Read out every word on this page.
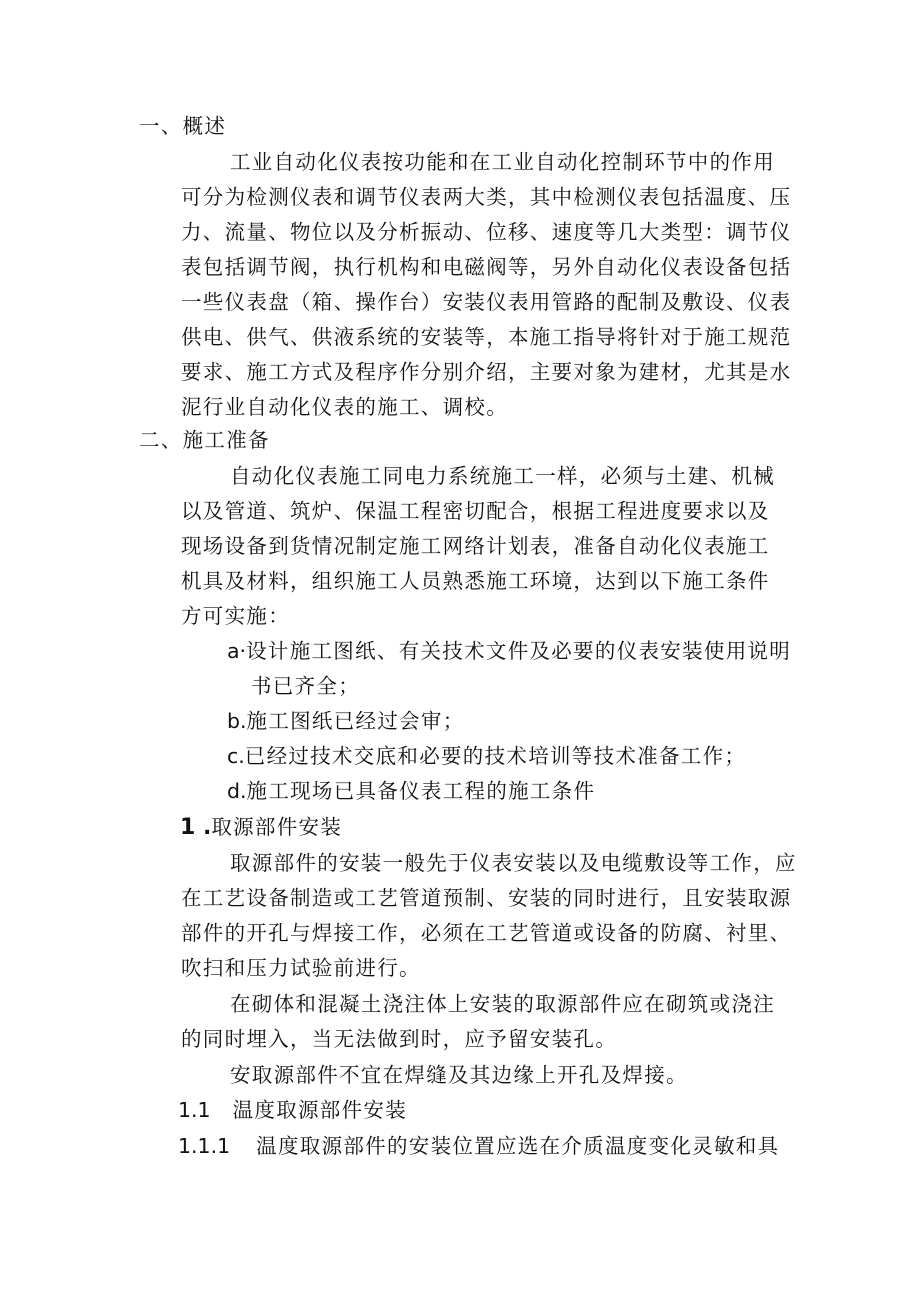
一、概述
工业自动化仪表按功能和在工业自动化控制环节中的作用
可分为检测仪表和调节仪表两大类，其中检测仪表包括温度、压
力、流量、物位以及分析振动、位移、速度等几大类型：调节仪
表包括调节阀，执行机构和电磁阀等，另外自动化仪表设备包括
一些仪表盘（箱、操作台）安装仪表用管路的配制及敷设、仪表
供电、供气、供液系统的安装等，本施工指导将针对于施工规范
要求、施工方式及程序作分别介绍，主要对象为建材，尤其是水
泥行业自动化仪表的施工、调校。
二、施工准备
自动化仪表施工同电力系统施工一样，必须与土建、机械
以及管道、筑炉、保温工程密切配合，根据工程进度要求以及
现场设备到货情况制定施工网络计划表，准备自动化仪表施工
机具及材料，组织施工人员熟悉施工环境，达到以下施工条件
方可实施：
a·设计施工图纸、有关技术文件及必要的仪表安装使用说明
书已齐全；
b.施工图纸已经过会审；
c.已经过技术交底和必要的技术培训等技术准备工作；
d.施工现场已具备仪表工程的施工条件
1 .取源部件安装
取源部件的安装一般先于仪表安装以及电缆敷设等工作，应
在工艺设备制造或工艺管道预制、安装的同时进行，且安装取源
部件的开孔与焊接工作，必须在工艺管道或设备的防腐、衬里、
吹扫和压力试验前进行。
在砌体和混凝土浇注体上安装的取源部件应在砌筑或浇注
的同时埋入，当无法做到时，应予留安装孔。
安取源部件不宜在焊缝及其边缘上开孔及焊接。
1.1 温度取源部件安装
1.1.1 温度取源部件的安装位置应选在介质温度变化灵敏和具
